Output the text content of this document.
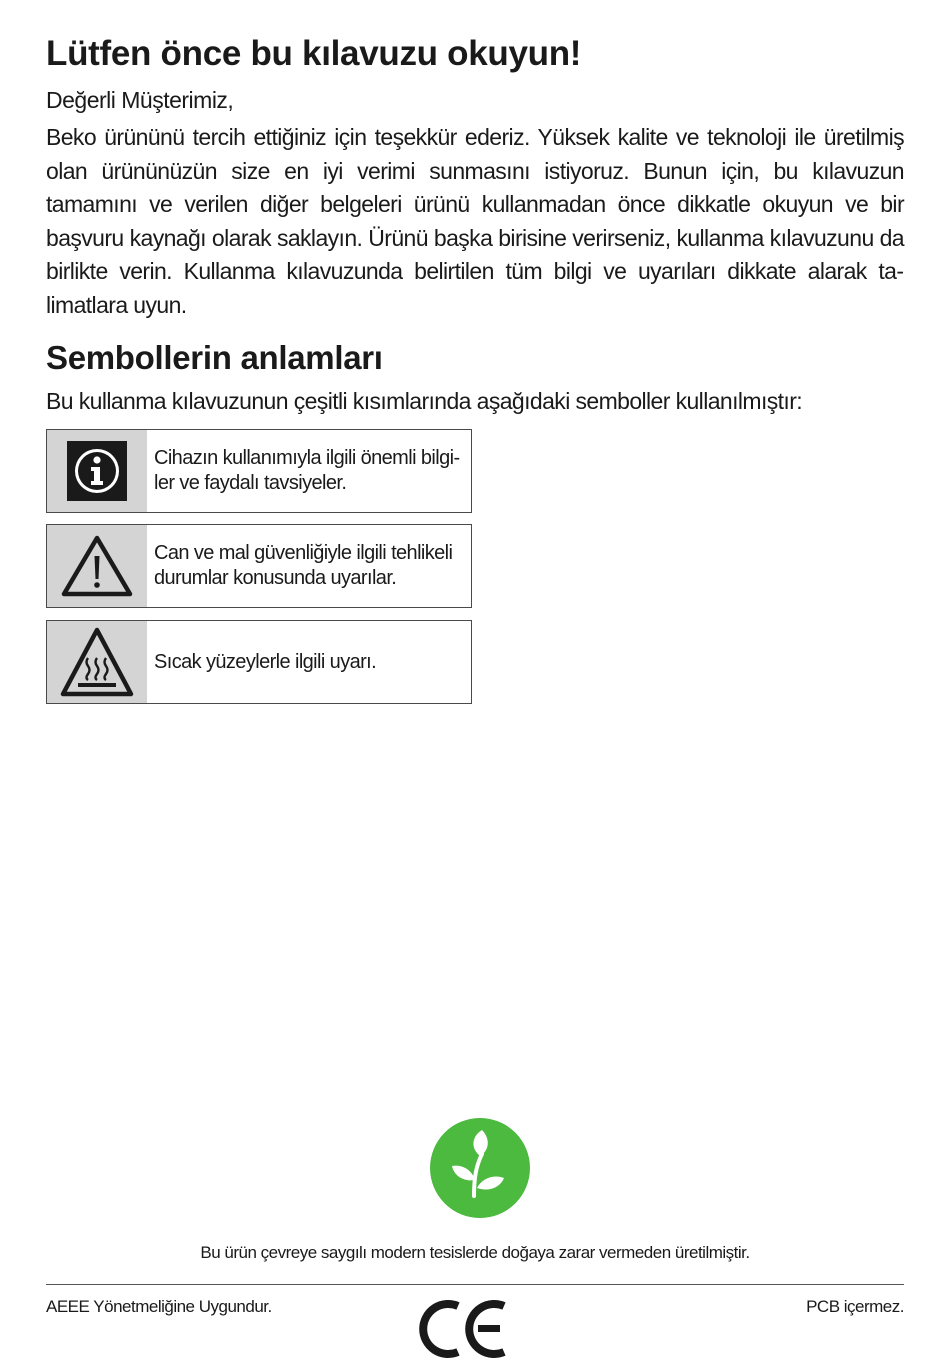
Lütfen önce bu kılavuzu okuyun!

Değerli Müşterimiz,

Beko ürününü tercih ettiğiniz için teşekkür ederiz. Yüksek kalite ve teknoloji ile üretilmiş olan ürününüzün size en iyi verimi sunmasını istiyoruz. Bunun için, bu kılavuzun tamamını ve verilen diğer belgeleri ürünü kullanmadan önce dikkatle okuyun ve bir başvuru kaynağı olarak saklayın. Ürünü başka birisine verirseniz, kullanma kılavuzunu da birlikte verin. Kullanma kılavuzunda belirtilen tüm bilgi ve uyarıları dikkate alarak talimatlara uyun.

Sembollerin anlamları

Bu kullanma kılavuzunun çeşitli kısımlarında aşağıdaki semboller kullanılmıştır:

Cihazın kullanımıyla ilgili önemli bilgiler ve faydalı tavsiyeler.
Can ve mal güvenliğiyle ilgili tehlikeli durumlar konusunda uyarılar.
Sıcak yüzeylerle ilgili uyarı.

Bu ürün çevreye saygılı modern tesislerde doğaya zarar vermeden üretilmiştir.

AEEE Yönetmeliğine Uygundur.	PCB içermez.
